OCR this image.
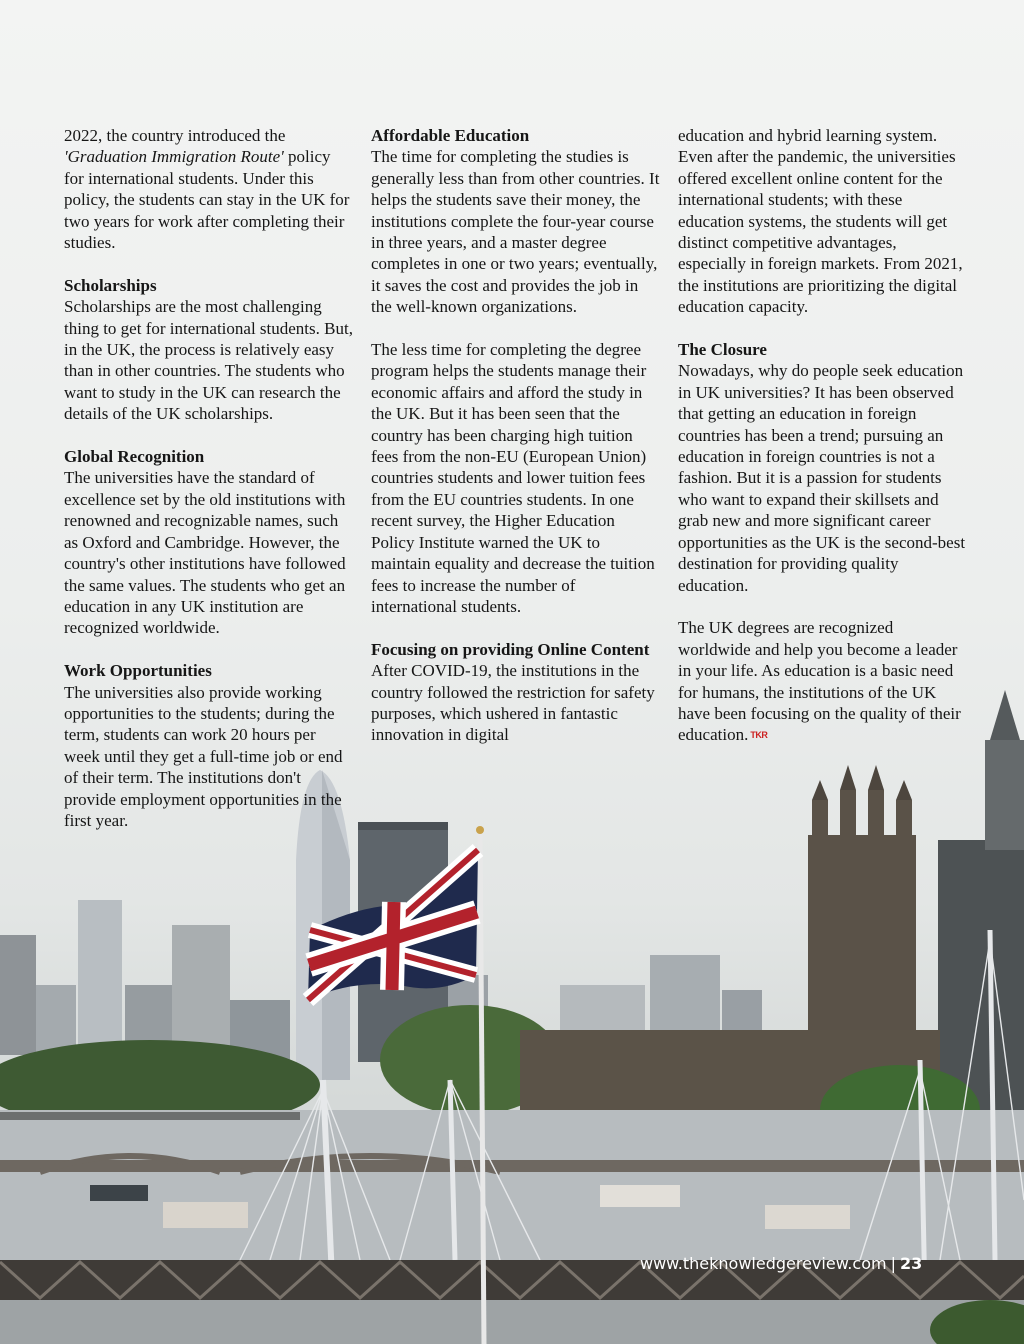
2022, the country introduced the 'Graduation Immigration Route' policy for international students. Under this policy, the students can stay in the UK for two years for work after completing their studies.

Scholarships

Scholarships are the most challenging thing to get for international students. But, in the UK, the process is relatively easy than in other countries. The students who want to study in the UK can research the details of the UK scholarships.

Global Recognition

The universities have the standard of excellence set by the old institutions with renowned and recognizable names, such as Oxford and Cambridge. However, the country's other institutions have followed the same values. The students who get an education in any UK institution are recognized worldwide.

Work Opportunities

The universities also provide working opportunities to the students; during the term, students can work 20 hours per week until they get a full-time job or end of their term. The institutions don't provide employment opportunities in the first year.

Affordable Education

The time for completing the studies is generally less than from other countries. It helps the students save their money, the institutions complete the four-year course in three years, and a master degree completes in one or two years; eventually, it saves the cost and provides the job in the well-known organizations.

The less time for completing the degree program helps the students manage their economic affairs and afford the study in the UK. But it has been seen that the country has been charging high tuition fees from the non-EU (European Union) countries students and lower tuition fees from the EU countries students. In one recent survey, the Higher Education Policy Institute warned the UK to maintain equality and decrease the tuition fees to increase the number of international students.

Focusing on providing Online Content

After COVID-19, the institutions in the country followed the restriction for safety purposes, which ushered in fantastic innovation in digital

education and hybrid learning system. Even after the pandemic, the universities offered excellent online content for the international students; with these education systems, the students will get distinct competitive advantages, especially in foreign markets. From 2021, the institutions are prioritizing the digital education capacity.

The Closure

Nowadays, why do people seek education in UK universities? It has been observed that getting an education in foreign countries has been a trend; pursuing an education in foreign countries is not a fashion. But it is a passion for students who want to expand their skillsets and grab new and more significant career opportunities as the UK is the second-best destination for providing quality education.

The UK degrees are recognized worldwide and help you become a leader in your life. As education is a basic need for humans, the institutions of the UK have been focusing on the quality of their education. TKR

www.theknowledgereview.com | 23
